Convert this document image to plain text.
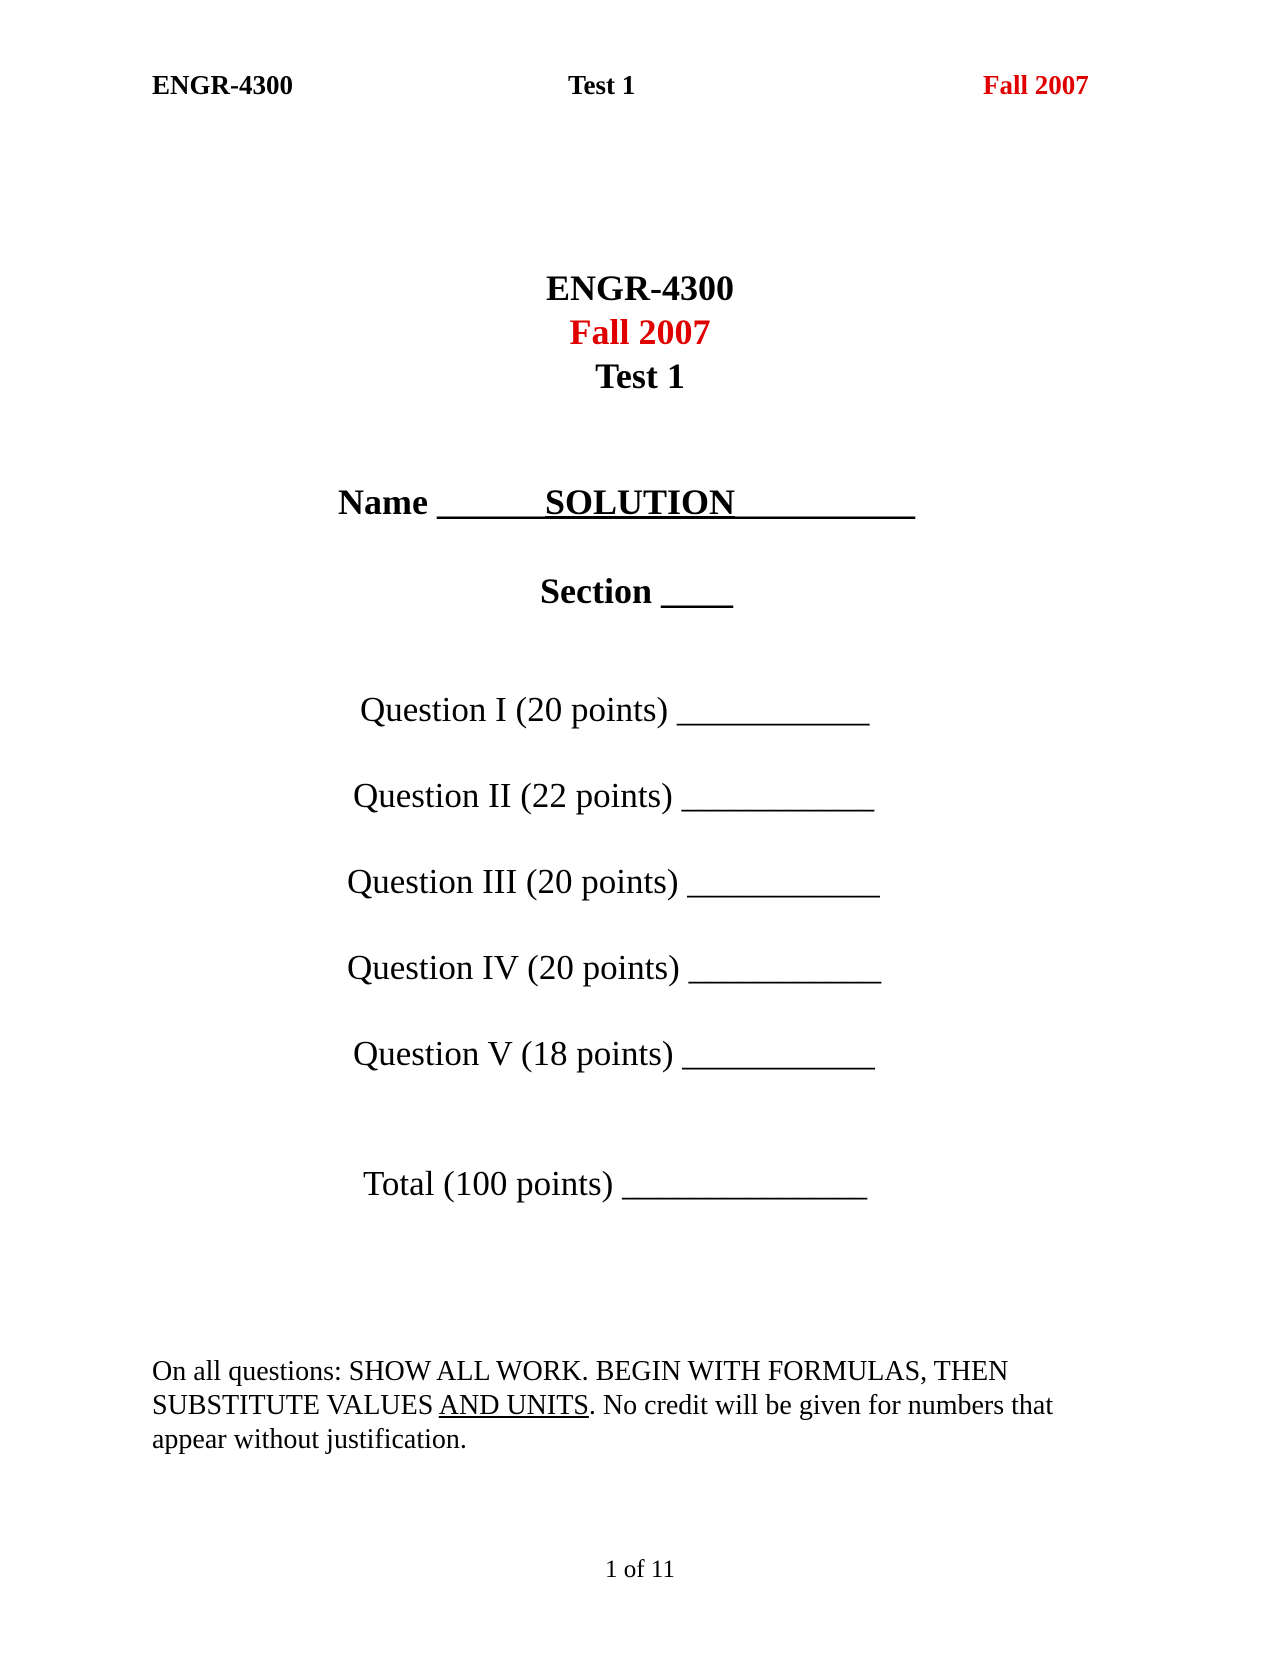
ENGR-4300	Test 1	Fall 2007
ENGR-4300
Fall 2007
Test 1
Name ______SOLUTION__________
Section ____
Question I (20 points) ___________
Question II (22 points) ___________
Question III (20 points) ___________
Question IV (20 points) ___________
Question V (18 points) ___________
Total (100 points) ______________
On all questions: SHOW ALL WORK. BEGIN WITH FORMULAS, THEN SUBSTITUTE VALUES AND UNITS. No credit will be given for numbers that appear without justification.
1 of 11
